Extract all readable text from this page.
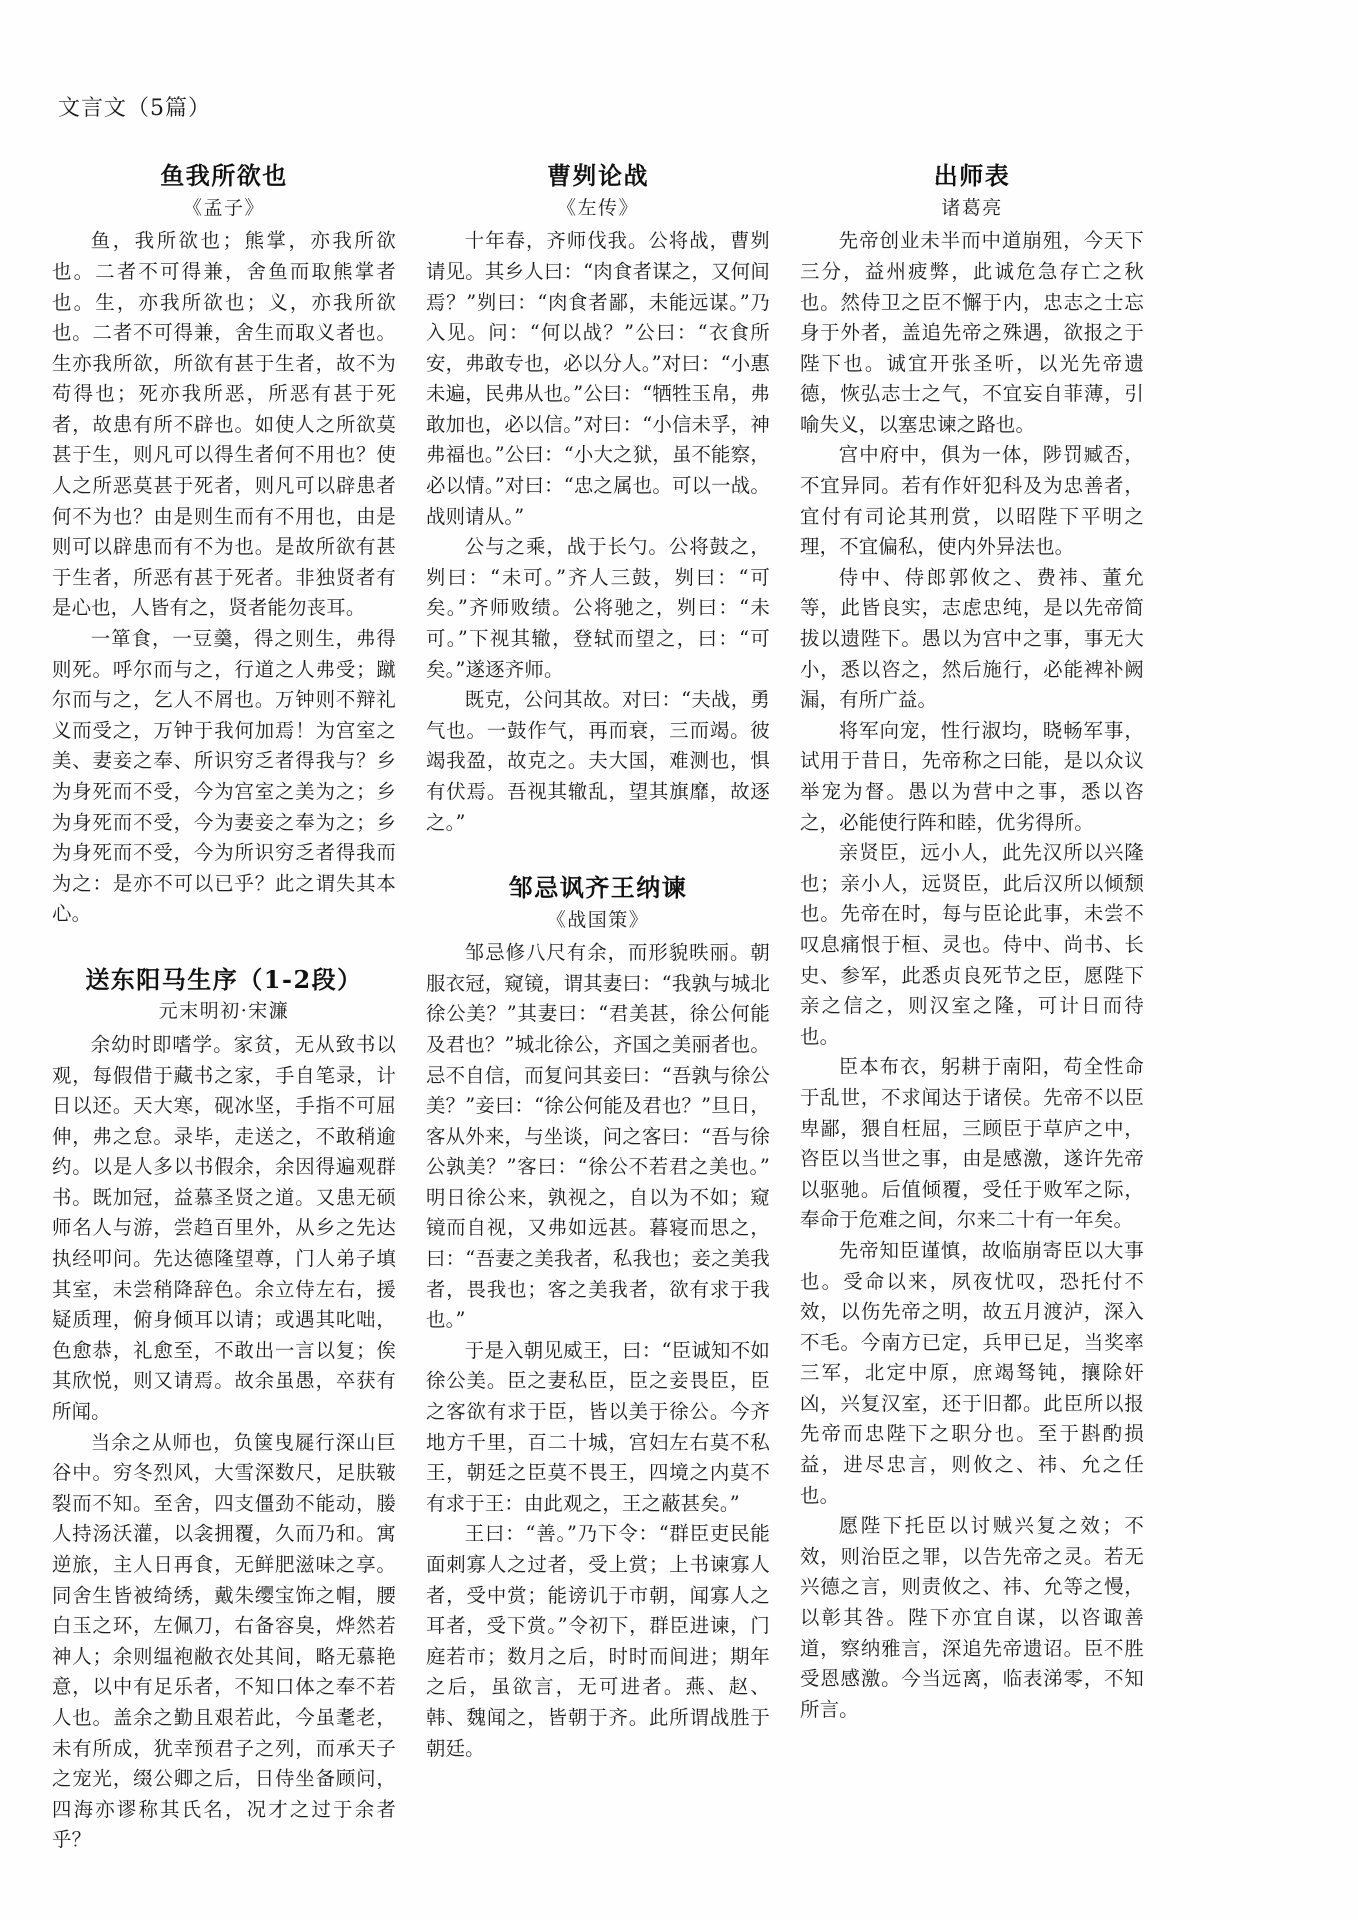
文言文（5篇）
鱼我所欲也
《孟子》

鱼，我所欲也；熊掌，亦我所欲也。二者不可得兼，舍鱼而取熊掌者也。生，亦我所欲也；义，亦我所欲也。二者不可得兼，舍生而取义者也。生亦我所欲，所欲有甚于生者，故不为苟得也；死亦我所恶，所恶有甚于死者，故患有所不辟也。如使人之所欲莫甚于生，则凡可以得生者何不用也？使人之所恶莫甚于死者，则凡可以辟患者何不为也？由是则生而有不用也，由是则可以辟患而有不为也。是故所欲有甚于生者，所恶有甚于死者。非独贤者有是心也，人皆有之，贤者能勿丧耳。

一箪食，一豆羹，得之则生，弗得则死。呼尔而与之，行道之人弗受；蹴尔而与之，乞人不屑也。万钟则不辩礼义而受之，万钟于我何加焉！为宫室之美、妻妾之奉、所识穷乏者得我与？乡为身死而不受，今为宫室之美为之；乡为身死而不受，今为妻妾之奉为之；乡为身死而不受，今为所识穷乏者得我而为之：是亦不可以已乎？此之谓失其本心。

送东阳马生序（1-2段）
元末明初·宋濂

余幼时即嗜学。家贫，无从致书以观，每假借于藏书之家，手自笔录，计日以还。天大寒，砚冰坚，手指不可屈伸，弗之怠。录毕，走送之，不敢稍逾约。以是人多以书假余，余因得遍观群书。既加冠，益慕圣贤之道。又患无硕师名人与游，尝趋百里外，从乡之先达执经叩问。先达德隆望尊，门人弟子填其室，未尝稍降辞色。余立侍左右，援疑质理，俯身倾耳以请；或遇其叱咄，色愈恭，礼愈至，不敢出一言以复；俟其欣悦，则又请焉。故余虽愚，卒获有所闻。

当余之从师也，负箧曳屣行深山巨谷中。穷冬烈风，大雪深数尺，足肤皲裂而不知。至舍，四支僵劲不能动，媵人持汤沃灌，以衾拥覆，久而乃和。寓逆旅，主人日再食，无鲜肥滋味之享。同舍生皆被绮绣，戴朱缨宝饰之帽，腰白玉之环，左佩刀，右备容臭，烨然若神人；余则缊袍敝衣处其间，略无慕艳意，以中有足乐者，不知口体之奉不若人也。盖余之勤且艰若此，今虽耄老，未有所成，犹幸预君子之列，而承天子之宠光，缀公卿之后，日侍坐备顾问，四海亦谬称其氏名，况才之过于余者乎？

曹刿论战
《左传》

十年春，齐师伐我。公将战，曹刿请见。其乡人曰：“肉食者谋之，又何间焉？”刿曰：“肉食者鄙，未能远谋。”乃入见。问：“何以战？”公曰：“衣食所安，弗敢专也，必以分人。”对曰：“小惠未遍，民弗从也。”公曰：“牺牲玉帛，弗敢加也，必以信。”对曰：“小信未孚，神弗福也。”公曰：“小大之狱，虽不能察，必以情。”对曰：“忠之属也。可以一战。战则请从。”

公与之乘，战于长勺。公将鼓之，刿曰：“未可。”齐人三鼓，刿曰：“可矣。”齐师败绩。公将驰之，刿曰：“未可。”下视其辙，登轼而望之，曰：“可矣。”遂逐齐师。

既克，公问其故。对曰：“夫战，勇气也。一鼓作气，再而衰，三而竭。彼竭我盈，故克之。夫大国，难测也，惧有伏焉。吾视其辙乱，望其旗靡，故逐之。”

邹忌讽齐王纳谏
《战国策》

邹忌修八尺有余，而形貌昳丽。朝服衣冠，窥镜，谓其妻曰：“我孰与城北徐公美？”其妻曰：“君美甚，徐公何能及君也？”城北徐公，齐国之美丽者也。忌不自信，而复问其妾曰：“吾孰与徐公美？”妾曰：“徐公何能及君也？”旦日，客从外来，与坐谈，问之客曰：“吾与徐公孰美？”客曰：“徐公不若君之美也。”明日徐公来，孰视之，自以为不如；窥镜而自视，又弗如远甚。暮寝而思之，曰：“吾妻之美我者，私我也；妾之美我者，畏我也；客之美我者，欲有求于我也。”

于是入朝见威王，曰：“臣诚知不如徐公美。臣之妻私臣，臣之妾畏臣，臣之客欲有求于臣，皆以美于徐公。今齐地方千里，百二十城，宫妇左右莫不私王，朝廷之臣莫不畏王，四境之内莫不有求于王：由此观之，王之蔽甚矣。”

王曰：“善。”乃下令：“群臣吏民能面刺寡人之过者，受上赏；上书谏寡人者，受中赏；能谤讥于市朝，闻寡人之耳者，受下赏。”令初下，群臣进谏，门庭若市；数月之后，时时而间进；期年之后，虽欲言，无可进者。燕、赵、韩、魏闻之，皆朝于齐。此所谓战胜于朝廷。

出师表
诸葛亮

先帝创业未半而中道崩殂，今天下三分，益州疲弊，此诚危急存亡之秋也。然侍卫之臣不懈于内，忠志之士忘身于外者，盖追先帝之殊遇，欲报之于陛下也。诚宜开张圣听，以光先帝遗德，恢弘志士之气，不宜妄自菲薄，引喻失义，以塞忠谏之路也。

宫中府中，俱为一体，陟罚臧否，不宜异同。若有作奸犯科及为忠善者，宜付有司论其刑赏，以昭陛下平明之理，不宜偏私，使内外异法也。

侍中、侍郎郭攸之、费祎、董允等，此皆良实，志虑忠纯，是以先帝简拔以遗陛下。愚以为宫中之事，事无大小，悉以咨之，然后施行，必能裨补阙漏，有所广益。

将军向宠，性行淑均，晓畅军事，试用于昔日，先帝称之曰能，是以众议举宠为督。愚以为营中之事，悉以咨之，必能使行阵和睦，优劣得所。

亲贤臣，远小人，此先汉所以兴隆也；亲小人，远贤臣，此后汉所以倾颓也。先帝在时，每与臣论此事，未尝不叹息痛恨于桓、灵也。侍中、尚书、长史、参军，此悉贞良死节之臣，愿陛下亲之信之，则汉室之隆，可计日而待也。

臣本布衣，躬耕于南阳，苟全性命于乱世，不求闻达于诸侯。先帝不以臣卑鄙，猥自枉屈，三顾臣于草庐之中，咨臣以当世之事，由是感激，遂许先帝以驱驰。后值倾覆，受任于败军之际，奉命于危难之间，尔来二十有一年矣。

先帝知臣谨慎，故临崩寄臣以大事也。受命以来，夙夜忧叹，恐托付不效，以伤先帝之明，故五月渡泸，深入不毛。今南方已定，兵甲已足，当奖率三军，北定中原，庶竭驽钝，攘除奸凶，兴复汉室，还于旧都。此臣所以报先帝而忠陛下之职分也。至于斟酌损益，进尽忠言，则攸之、祎、允之任也。

愿陛下托臣以讨贼兴复之效；不效，则治臣之罪，以告先帝之灵。若无兴德之言，则责攸之、祎、允等之慢，以彰其咎。陛下亦宜自谋，以咨诹善道，察纳雅言，深追先帝遗诏。臣不胜受恩感激。今当远离，临表涕零，不知所言。
